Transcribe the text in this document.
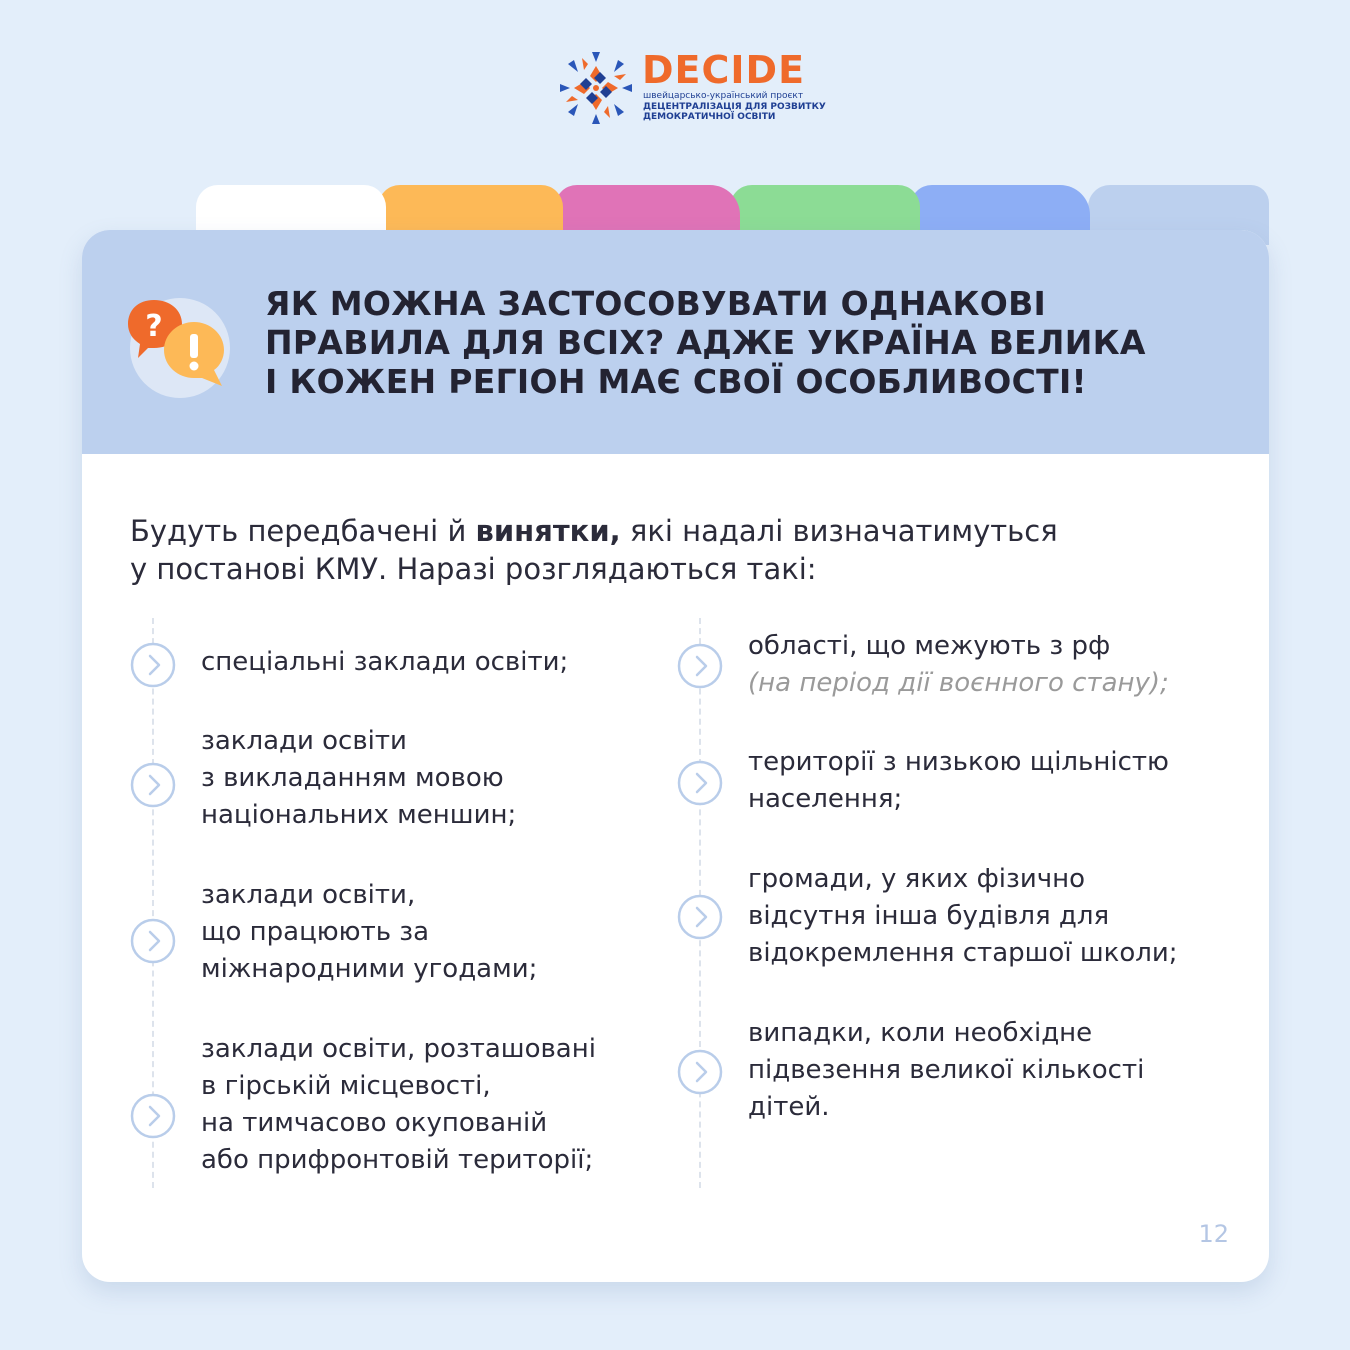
DECIDE
швейцарсько-український проєкт
ДЕЦЕНТРАЛІЗАЦІЯ ДЛЯ РОЗВИТКУ
ДЕМОКРАТИЧНОЇ ОСВІТИ
?
ЯК МОЖНА ЗАСТОСОВУВАТИ ОДНАКОВІ
ПРАВИЛА ДЛЯ ВСІХ? АДЖЕ УКРАЇНА ВЕЛИКА
І КОЖЕН РЕГІОН МАЄ СВОЇ ОСОБЛИВОСТІ!
Будуть передбачені й винятки, які надалі визначатимуться
у постанові КМУ. Наразі розглядаються такі:
спеціальні заклади освіти;
заклади освіти
з викладанням мовою
національних меншин;
заклади освіти,
що працюють за
міжнародними угодами;
заклади освіти, розташовані
в гірській місцевості,
на тимчасово окупованій
або прифронтовій території;
області, що межують з рф
(на період дії воєнного стану);
території з низькою щільністю
населення;
громади, у яких фізично
відсутня інша будівля для
відокремлення старшої школи;
випадки, коли необхідне
підвезення великої кількості
дітей.
12
